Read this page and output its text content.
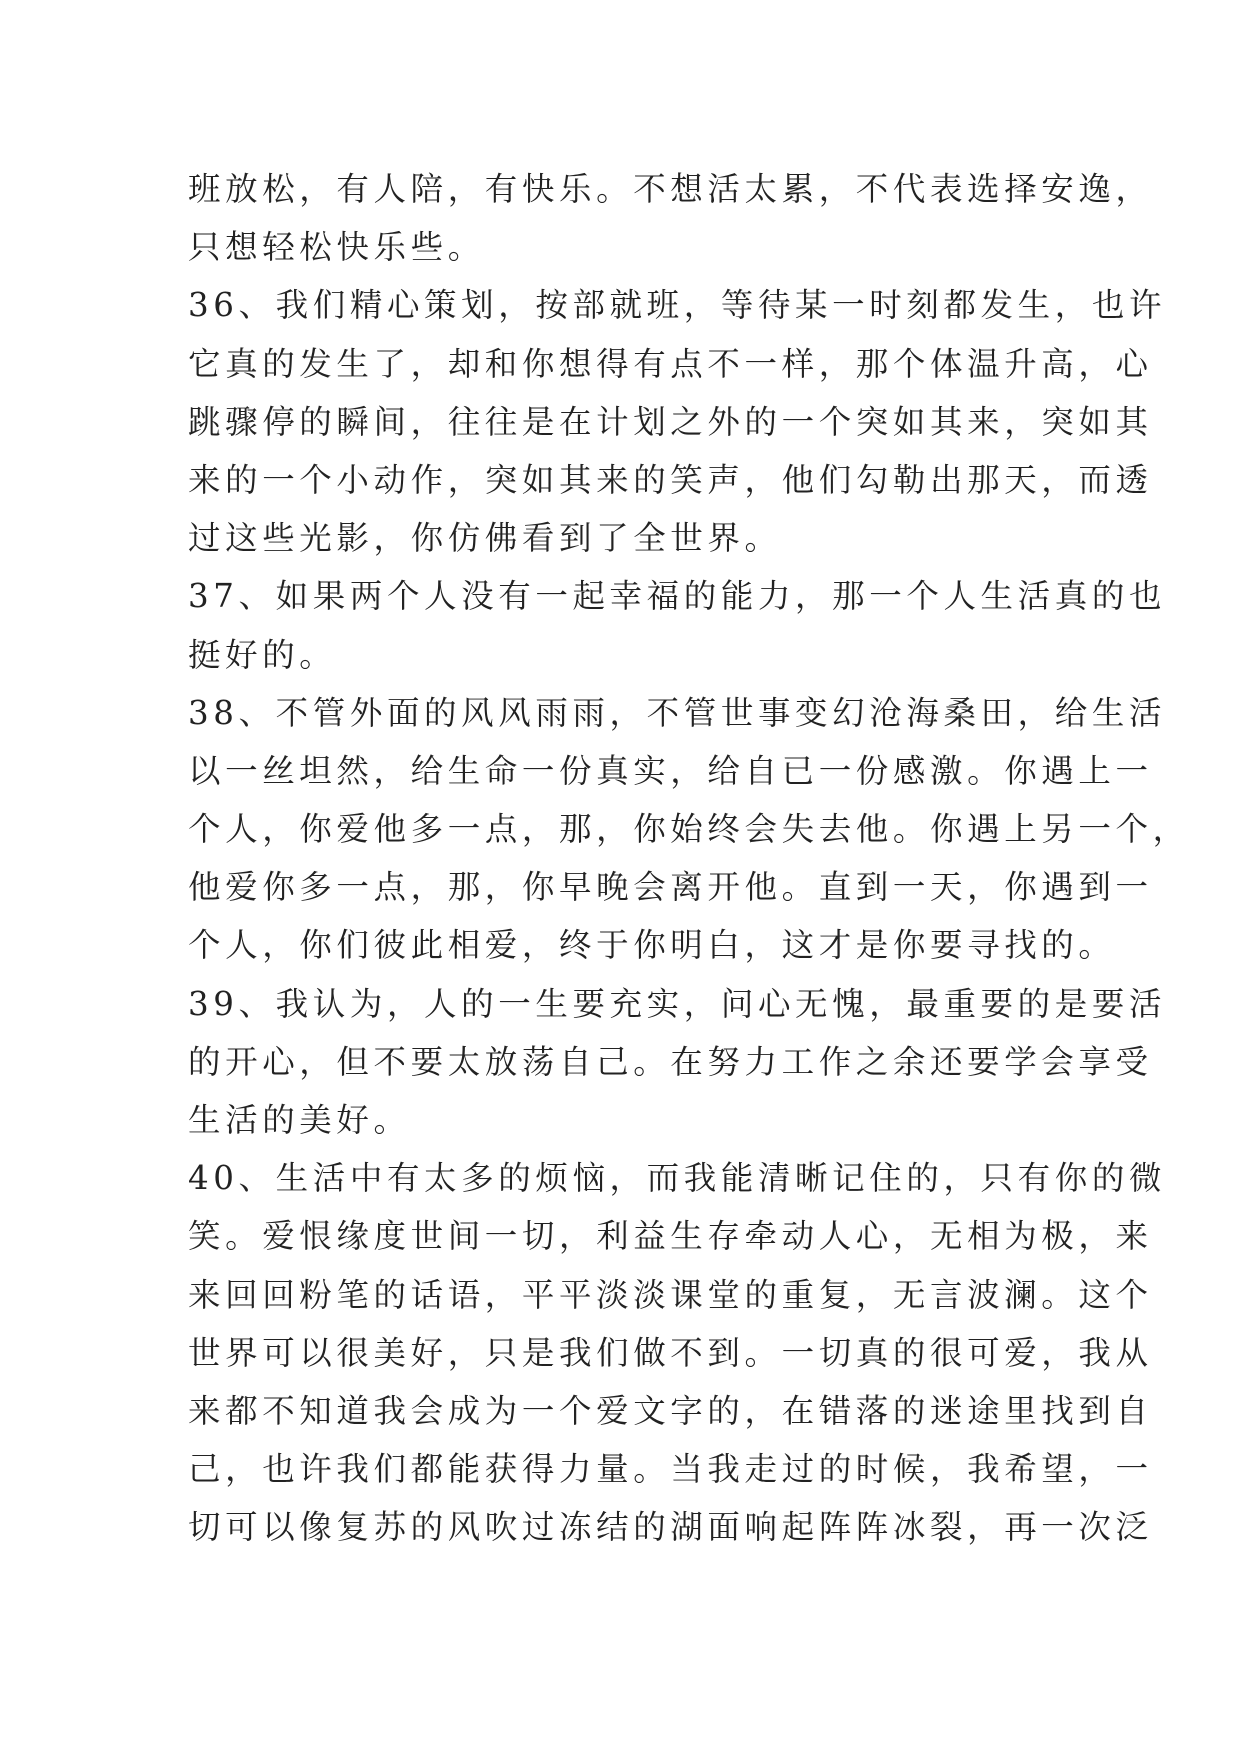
班放松，有人陪，有快乐。不想活太累，不代表选择安逸，
只想轻松快乐些。
36、我们精心策划，按部就班，等待某一时刻都发生，也许
它真的发生了，却和你想得有点不一样，那个体温升高，心
跳骤停的瞬间，往往是在计划之外的一个突如其来，突如其
来的一个小动作，突如其来的笑声，他们勾勒出那天，而透
过这些光影，你仿佛看到了全世界。
37、如果两个人没有一起幸福的能力，那一个人生活真的也
挺好的。
38、不管外面的风风雨雨，不管世事变幻沧海桑田，给生活
以一丝坦然，给生命一份真实，给自已一份感激。你遇上一
个人，你爱他多一点，那，你始终会失去他。你遇上另一个，
他爱你多一点，那，你早晚会离开他。直到一天，你遇到一
个人，你们彼此相爱，终于你明白，这才是你要寻找的。
39、我认为，人的一生要充实，问心无愧，最重要的是要活
的开心，但不要太放荡自己。在努力工作之余还要学会享受
生活的美好。
40、生活中有太多的烦恼，而我能清晰记住的，只有你的微
笑。爱恨缘度世间一切，利益生存牵动人心，无相为极，来
来回回粉笔的话语，平平淡淡课堂的重复，无言波澜。这个
世界可以很美好，只是我们做不到。一切真的很可爱，我从
来都不知道我会成为一个爱文字的，在错落的迷途里找到自
己，也许我们都能获得力量。当我走过的时候，我希望，一
切可以像复苏的风吹过冻结的湖面响起阵阵冰裂，再一次泛
